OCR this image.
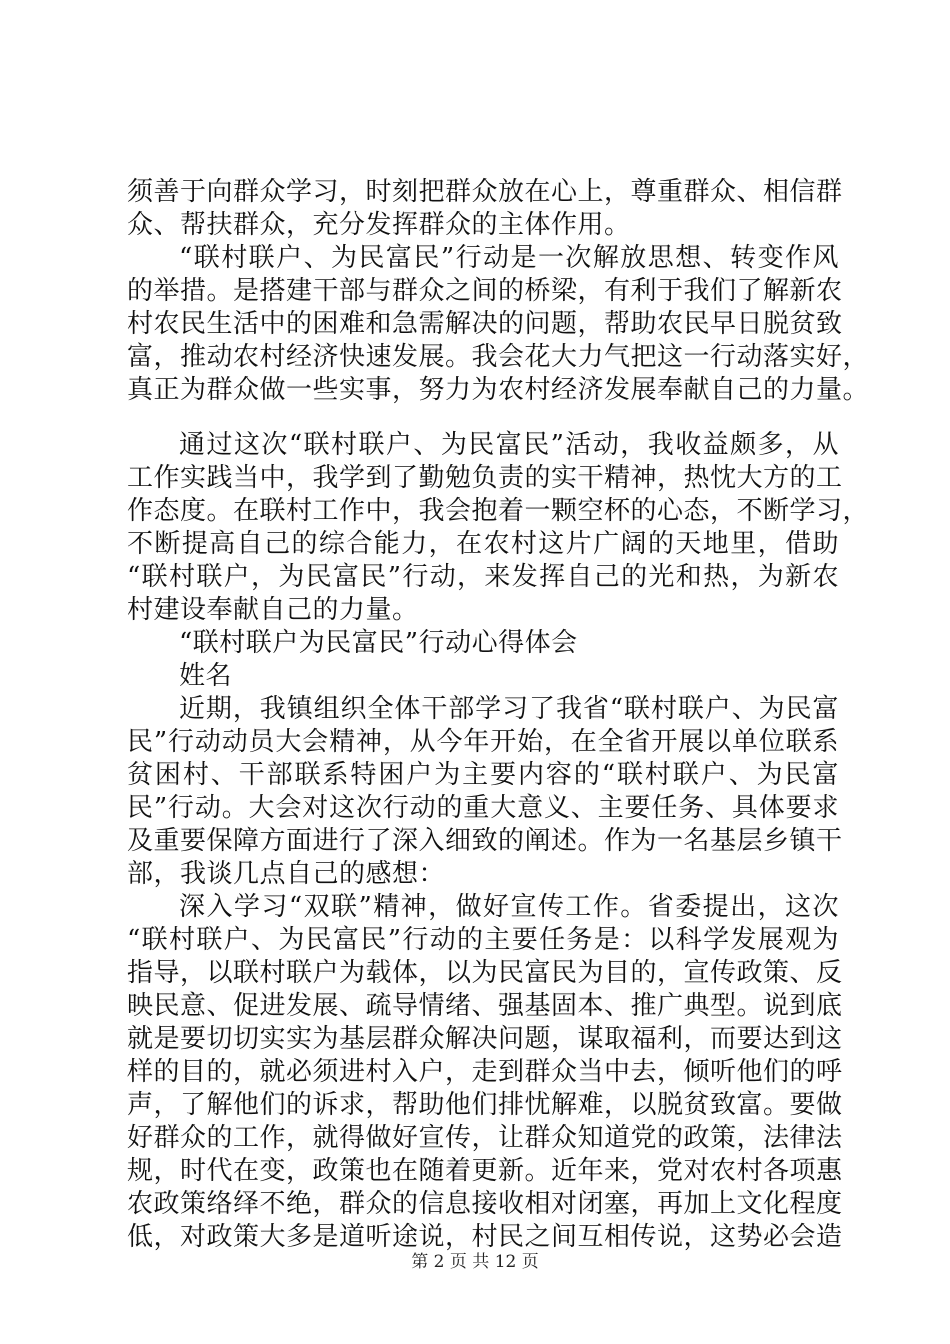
须善于向群众学习，时刻把群众放在心上，尊重群众、相信群
众、帮扶群众，充分发挥群众的主体作用。
“联村联户、为民富民”行动是一次解放思想、转变作风
的举措。是搭建干部与群众之间的桥梁，有利于我们了解新农
村农民生活中的困难和急需解决的问题，帮助农民早日脱贫致
富，推动农村经济快速发展。我会花大力气把这一行动落实好，
真正为群众做一些实事，努力为农村经济发展奉献自己的力量。
通过这次“联村联户、为民富民”活动，我收益颇多，从
工作实践当中，我学到了勤勉负责的实干精神，热忱大方的工
作态度。在联村工作中，我会抱着一颗空杯的心态，不断学习，
不断提高自己的综合能力，在农村这片广阔的天地里，借助
“联村联户，为民富民”行动，来发挥自己的光和热，为新农
村建设奉献自己的力量。
“联村联户为民富民”行动心得体会
姓名
近期，我镇组织全体干部学习了我省“联村联户、为民富
民”行动动员大会精神，从今年开始，在全省开展以单位联系
贫困村、干部联系特困户为主要内容的“联村联户、为民富
民”行动。大会对这次行动的重大意义、主要任务、具体要求
及重要保障方面进行了深入细致的阐述。作为一名基层乡镇干
部，我谈几点自己的感想：
深入学习“双联”精神，做好宣传工作。省委提出，这次
“联村联户、为民富民”行动的主要任务是：以科学发展观为
指导，以联村联户为载体，以为民富民为目的，宣传政策、反
映民意、促进发展、疏导情绪、强基固本、推广典型。说到底
就是要切切实实为基层群众解决问题，谋取福利，而要达到这
样的目的，就必须进村入户，走到群众当中去，倾听他们的呼
声，了解他们的诉求，帮助他们排忧解难，以脱贫致富。要做
好群众的工作，就得做好宣传，让群众知道党的政策，法律法
规，时代在变，政策也在随着更新。近年来，党对农村各项惠
农政策络绎不绝，群众的信息接收相对闭塞，再加上文化程度
低，对政策大多是道听途说，村民之间互相传说，这势必会造
第 2 页 共 12 页
